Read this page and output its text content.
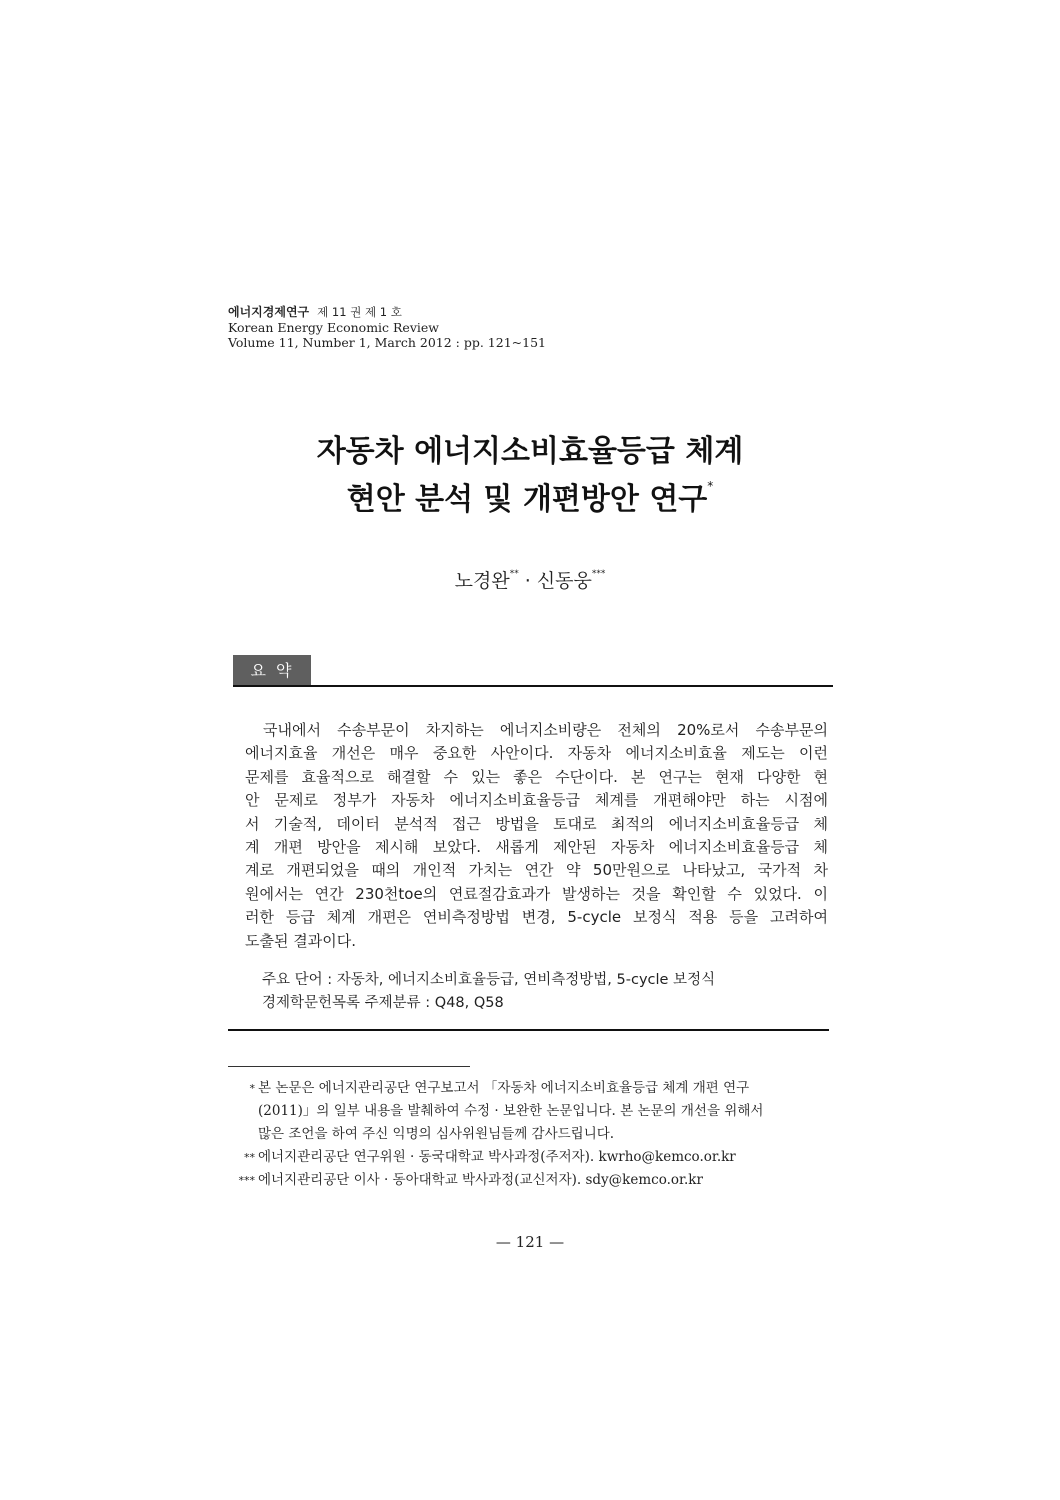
에너지경제연구 제 11 권 제 1 호
Korean Energy Economic Review
Volume 11, Number 1, March 2012 : pp. 121~151
자동차 에너지소비효율등급 체계
현안 분석 및 개편방안 연구*
노경완** · 신동웅***
요약
국내에서 수송부문이 차지하는 에너지소비량은 전체의 20%로서 수송부문의
에너지효율 개선은 매우 중요한 사안이다. 자동차 에너지소비효율 제도는 이런
문제를 효율적으로 해결할 수 있는 좋은 수단이다. 본 연구는 현재 다양한 현
안 문제로 정부가 자동차 에너지소비효율등급 체계를 개편해야만 하는 시점에
서 기술적, 데이터 분석적 접근 방법을 토대로 최적의 에너지소비효율등급 체
계 개편 방안을 제시해 보았다. 새롭게 제안된 자동차 에너지소비효율등급 체
계로 개편되었을 때의 개인적 가치는 연간 약 50만원으로 나타났고, 국가적 차
원에서는 연간 230천toe의 연료절감효과가 발생하는 것을 확인할 수 있었다. 이
러한 등급 체계 개편은 연비측정방법 변경, 5-cycle 보정식 적용 등을 고려하여
도출된 결과이다.
주요 단어 : 자동차, 에너지소비효율등급, 연비측정방법, 5-cycle 보정식
경제학문헌목록 주제분류 : Q48, Q58
* 본 논문은 에너지관리공단 연구보고서 「자동차 에너지소비효율등급 체계 개편 연구
(2011)」의 일부 내용을 발췌하여 수정 · 보완한 논문입니다. 본 논문의 개선을 위해서
많은 조언을 하여 주신 익명의 심사위원님들께 감사드립니다.
** 에너지관리공단 연구위원 · 동국대학교 박사과정(주저자). kwrho@kemco.or.kr
*** 에너지관리공단 이사 · 동아대학교 박사과정(교신저자). sdy@kemco.or.kr
— 121 —
